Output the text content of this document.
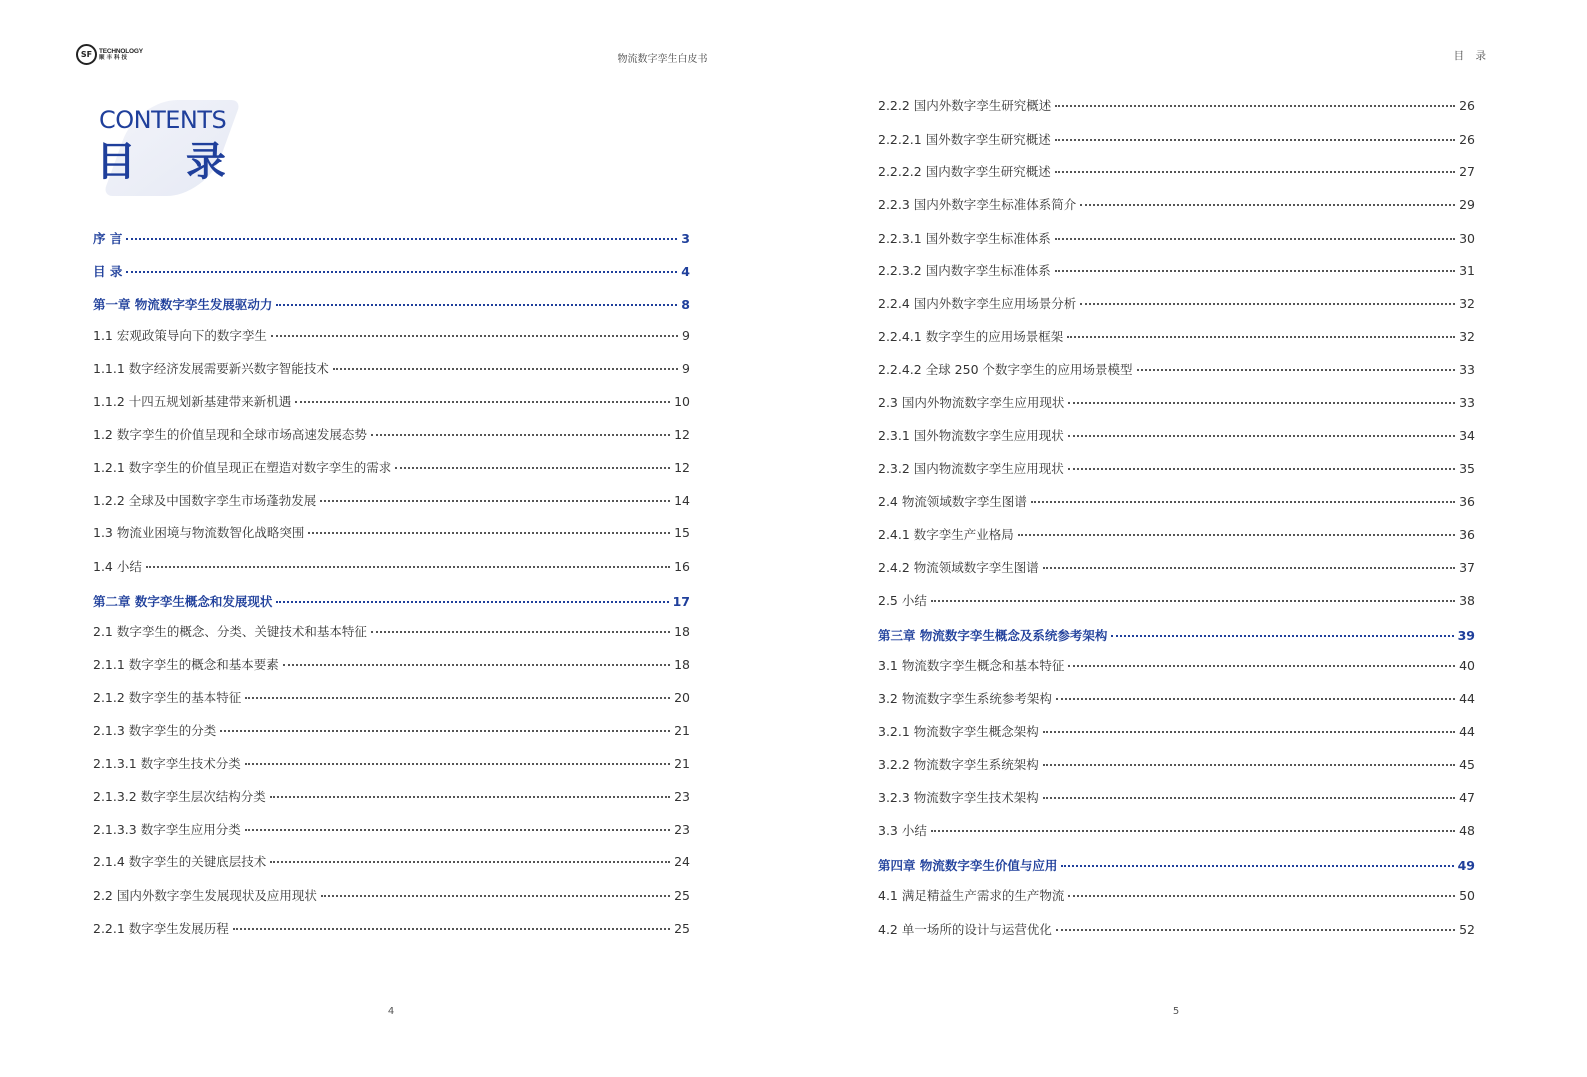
SF	TECHNOLOGY
顺丰科技
CONTENTS
目 录
序 言	3
目 录	4
第一章 物流数字孪生发展驱动力	8
1.1 宏观政策导向下的数字孪生	9
1.1.1 数字经济发展需要新兴数字智能技术	9
1.1.2 十四五规划新基建带来新机遇	10
1.2 数字孪生的价值呈现和全球市场高速发展态势	12
1.2.1 数字孪生的价值呈现正在塑造对数字孪生的需求	12
1.2.2 全球及中国数字孪生市场蓬勃发展	14
1.3 物流业困境与物流数智化战略突围	15
1.4 小结	16
第二章 数字孪生概念和发展现状	17
2.1 数字孪生的概念、分类、关键技术和基本特征	18
2.1.1 数字孪生的概念和基本要素	18
2.1.2 数字孪生的基本特征	20
2.1.3 数字孪生的分类	21
2.1.3.1 数字孪生技术分类	21
2.1.3.2 数字孪生层次结构分类	23
2.1.3.3 数字孪生应用分类	23
2.1.4 数字孪生的关键底层技术	24
2.2 国内外数字孪生发展现状及应用现状	25
2.2.1 数字孪生发展历程	25
4
物流数字孪生白皮书	目 录
2.2.2 国内外数字孪生研究概述	26
2.2.2.1 国外数字孪生研究概述	26
2.2.2.2 国内数字孪生研究概述	27
2.2.3 国内外数字孪生标准体系简介	29
2.2.3.1 国外数字孪生标准体系	30
2.2.3.2 国内数字孪生标准体系	31
2.2.4 国内外数字孪生应用场景分析	32
2.2.4.1 数字孪生的应用场景框架	32
2.2.4.2 全球 250 个数字孪生的应用场景模型	33
2.3 国内外物流数字孪生应用现状	33
2.3.1 国外物流数字孪生应用现状	34
2.3.2 国内物流数字孪生应用现状	35
2.4 物流领域数字孪生图谱	36
2.4.1 数字孪生产业格局	36
2.4.2 物流领域数字孪生图谱	37
2.5 小结	38
第三章 物流数字孪生概念及系统参考架构	39
3.1 物流数字孪生概念和基本特征	40
3.2 物流数字孪生系统参考架构	44
3.2.1 物流数字孪生概念架构	44
3.2.2 物流数字孪生系统架构	45
3.2.3 物流数字孪生技术架构	47
3.3 小结	48
第四章 物流数字孪生价值与应用	49
4.1 满足精益生产需求的生产物流	50
4.2 单一场所的设计与运营优化	52
5
